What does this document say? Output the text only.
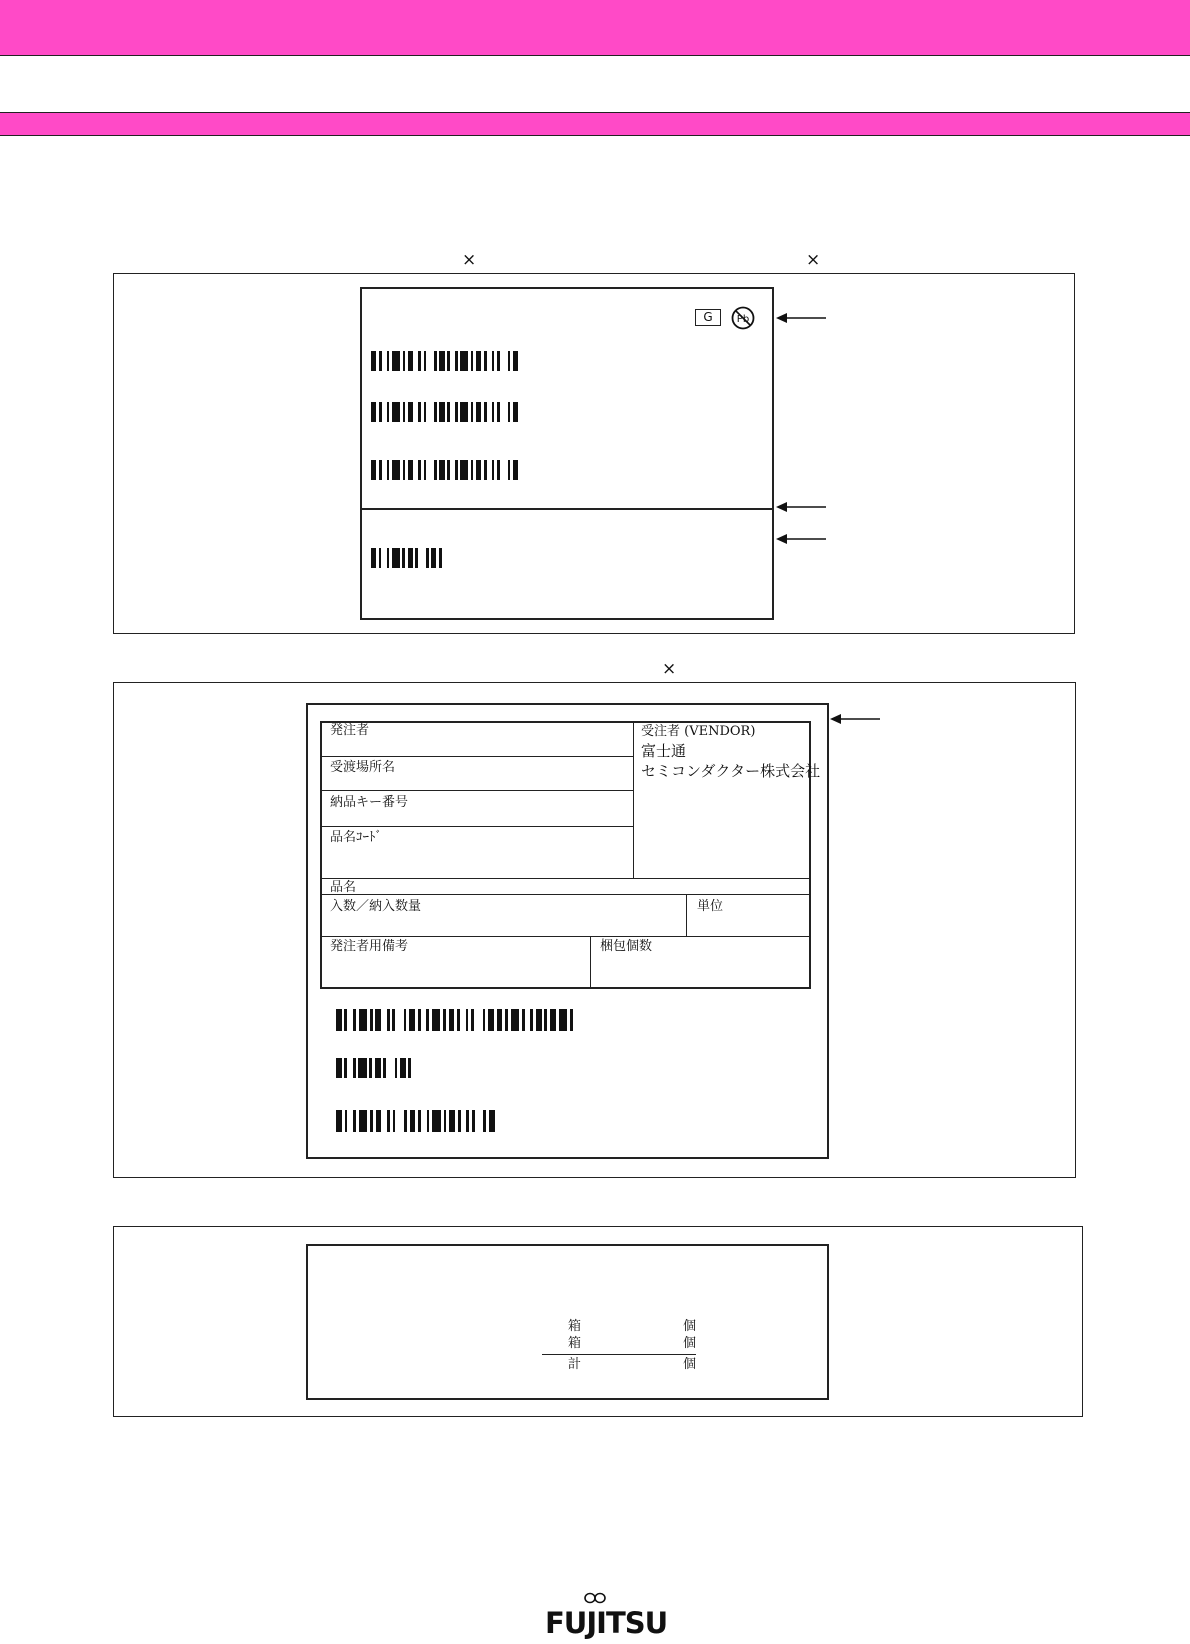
×	×
G	Pb
×
発注者
受渡場所名
納品キー番号
品名ｺｰﾄﾞ
品名
入数／納入数量	単位
発注者用備考	梱包個数
受注者 (VENDOR)
富士通
セミコンダクター株式会社
箱	個
箱	個
計	個
FUJITSU
